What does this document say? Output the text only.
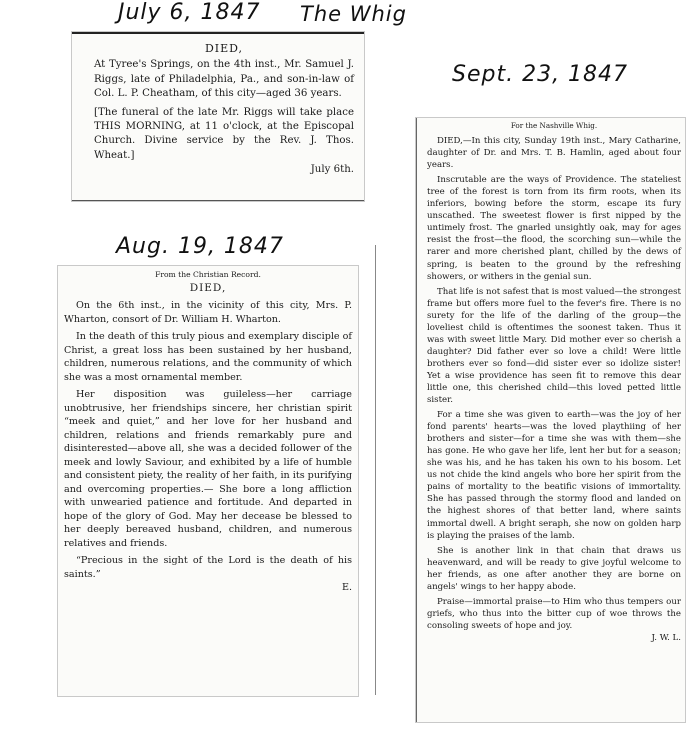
July 6, 1847 The Whig
Sept. 23, 1847
Aug. 19, 1847

DIED,

At Tyree's Springs, on the 4th inst., Mr. Samuel J. Riggs, late of Philadelphia, Pa., and son-in-law of Col. L. P. Cheatham, of this city—aged 36 years.

[The funeral of the late Mr. Riggs will take place THIS MORNING, at 11 o'clock, at the Episcopal Church. Divine service by the Rev. J. Thos. Wheat.]

July 6th.

From the Christian Record.

DIED,

On the 6th inst., in the vicinity of this city, Mrs. P. Wharton, consort of Dr. William H. Wharton.

In the death of this truly pious and exemplary disciple of Christ, a great loss has been sustained by her husband, children, numerous relations, and the community of which she was a most ornamental member.

Her disposition was guileless—her carriage unobtrusive, her friendships sincere, her christian spirit “meek and quiet,” and her love for her husband and children, relations and friends remarkably pure and disinterested—above all, she was a decided follower of the meek and lowly Saviour, and exhibited by a life of humble and consistent piety, the reality of her faith, in its purifying and overcoming properties.— She bore a long affliction with unwearied patience and fortitude. And departed in hope of the glory of God. May her decease be blessed to her deeply bereaved husband, children, and numerous relatives and friends.

“Precious in the sight of the Lord is the death of his saints.”

E.

For the Nashville Whig.

DIED,—In this city, Sunday 19th inst., Mary Catharine, daughter of Dr. and Mrs. T. B. Hamlin, aged about four years.

Inscrutable are the ways of Providence. The stateliest tree of the forest is torn from its firm roots, when its inferiors, bowing before the storm, escape its fury unscathed. The sweetest flower is first nipped by the untimely frost. The gnarled unsightly oak, may for ages resist the frost—the flood, the scorching sun—while the rarer and more cherished plant, chilled by the dews of spring, is beaten to the ground by the refreshing showers, or withers in the genial sun.

That life is not safest that is most valued—the strongest frame but offers more fuel to the fever's fire. There is no surety for the life of the darling of the group—the loveliest child is oftentimes the soonest taken. Thus it was with sweet little Mary. Did mother ever so cherish a daughter? Did father ever so love a child! Were little brothers ever so fond—did sister ever so idolize sister! Yet a wise providence has seen fit to remove this dear little one, this cherished child—this loved petted little sister.

For a time she was given to earth—was the joy of her fond parents' hearts—was the loved playthiing of her brothers and sister—for a time she was with them—she has gone. He who gave her life, lent her but for a season; she was his, and he has taken his own to his bosom. Let us not chide the kind angels who bore her spirit from the pains of mortality to the beatific visions of immortality. She has passed through the stormy flood and landed on the highest shores of that better land, where saints immortal dwell. A bright seraph, she now on golden harp is playing the praises of the lamb.

She is another link in that chain that draws us heavenward, and will be ready to give joyful welcome to her friends, as one after another they are borne on angels' wings to her happy abode.

Praise—immortal praise—to Him who thus tempers our griefs, who thus into the bitter cup of woe throws the consoling sweets of hope and joy.

J. W. L.
